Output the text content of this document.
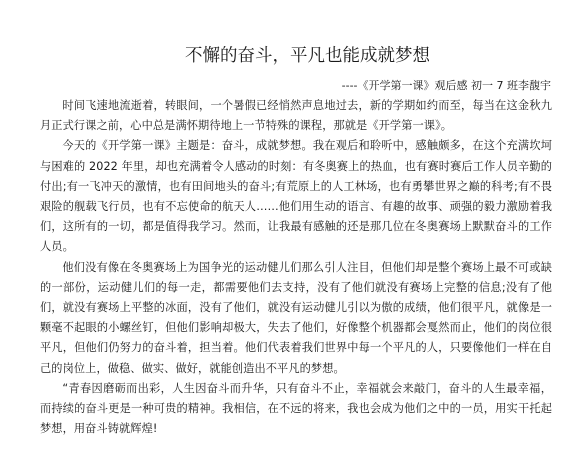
不懈的奋斗，平凡也能成就梦想
----《开学第一课》观后感 初一 7 班李馥宇

时间飞速地流逝着，转眼间，一个暑假已经悄然声息地过去，新的学期如约而至，每当在这金秋九月正式行课之前，心中总是满怀期待地上一节特殊的课程，那就是《开学第一课》。

今天的《开学第一课》主题是：奋斗，成就梦想。我在观后和聆听中，感触颇多，在这个充满坎坷与困难的 2022 年里，却也充满着令人感动的时刻：有冬奥赛上的热血，也有赛时赛后工作人员辛勤的付出;有一飞冲天的激情，也有田间地头的奋斗;有荒原上的人工林场，也有勇攀世界之巅的科考;有不畏艰险的舰载飞行员，也有不忘使命的航天人……他们用生动的语言、有趣的故事、顽强的毅力激励着我们，这所有的一切，都是值得我学习。然而，让我最有感触的还是那几位在冬奥赛场上默默奋斗的工作人员。

他们没有像在冬奥赛场上为国争光的运动健儿们那么引人注目，但他们却是整个赛场上最不可或缺的一部份，运动健儿们的每一走，都需要他们去支持，没有了他们就没有赛场上完整的信息;没有了他们，就没有赛场上平整的冰面，没有了他们，就没有运动健儿引以为傲的成绩，他们很平凡，就像是一颗毫不起眼的小螺丝钉，但他们影响却极大，失去了他们，好像整个机器都会戛然而止，他们的岗位很平凡，但他们仍努力的奋斗着，担当着。他们代表着我们世界中每一个平凡的人，只要像他们一样在自己的岗位上，做稳、做实、做好，就能创造出不平凡的梦想。

“青春因磨砺而出彩，人生因奋斗而升华，只有奋斗不止，幸福就会来敲门，奋斗的人生最幸福，而持续的奋斗更是一种可贵的精神。我相信，在不远的将来，我也会成为他们之中的一员，用实干托起梦想，用奋斗铸就辉煌!
